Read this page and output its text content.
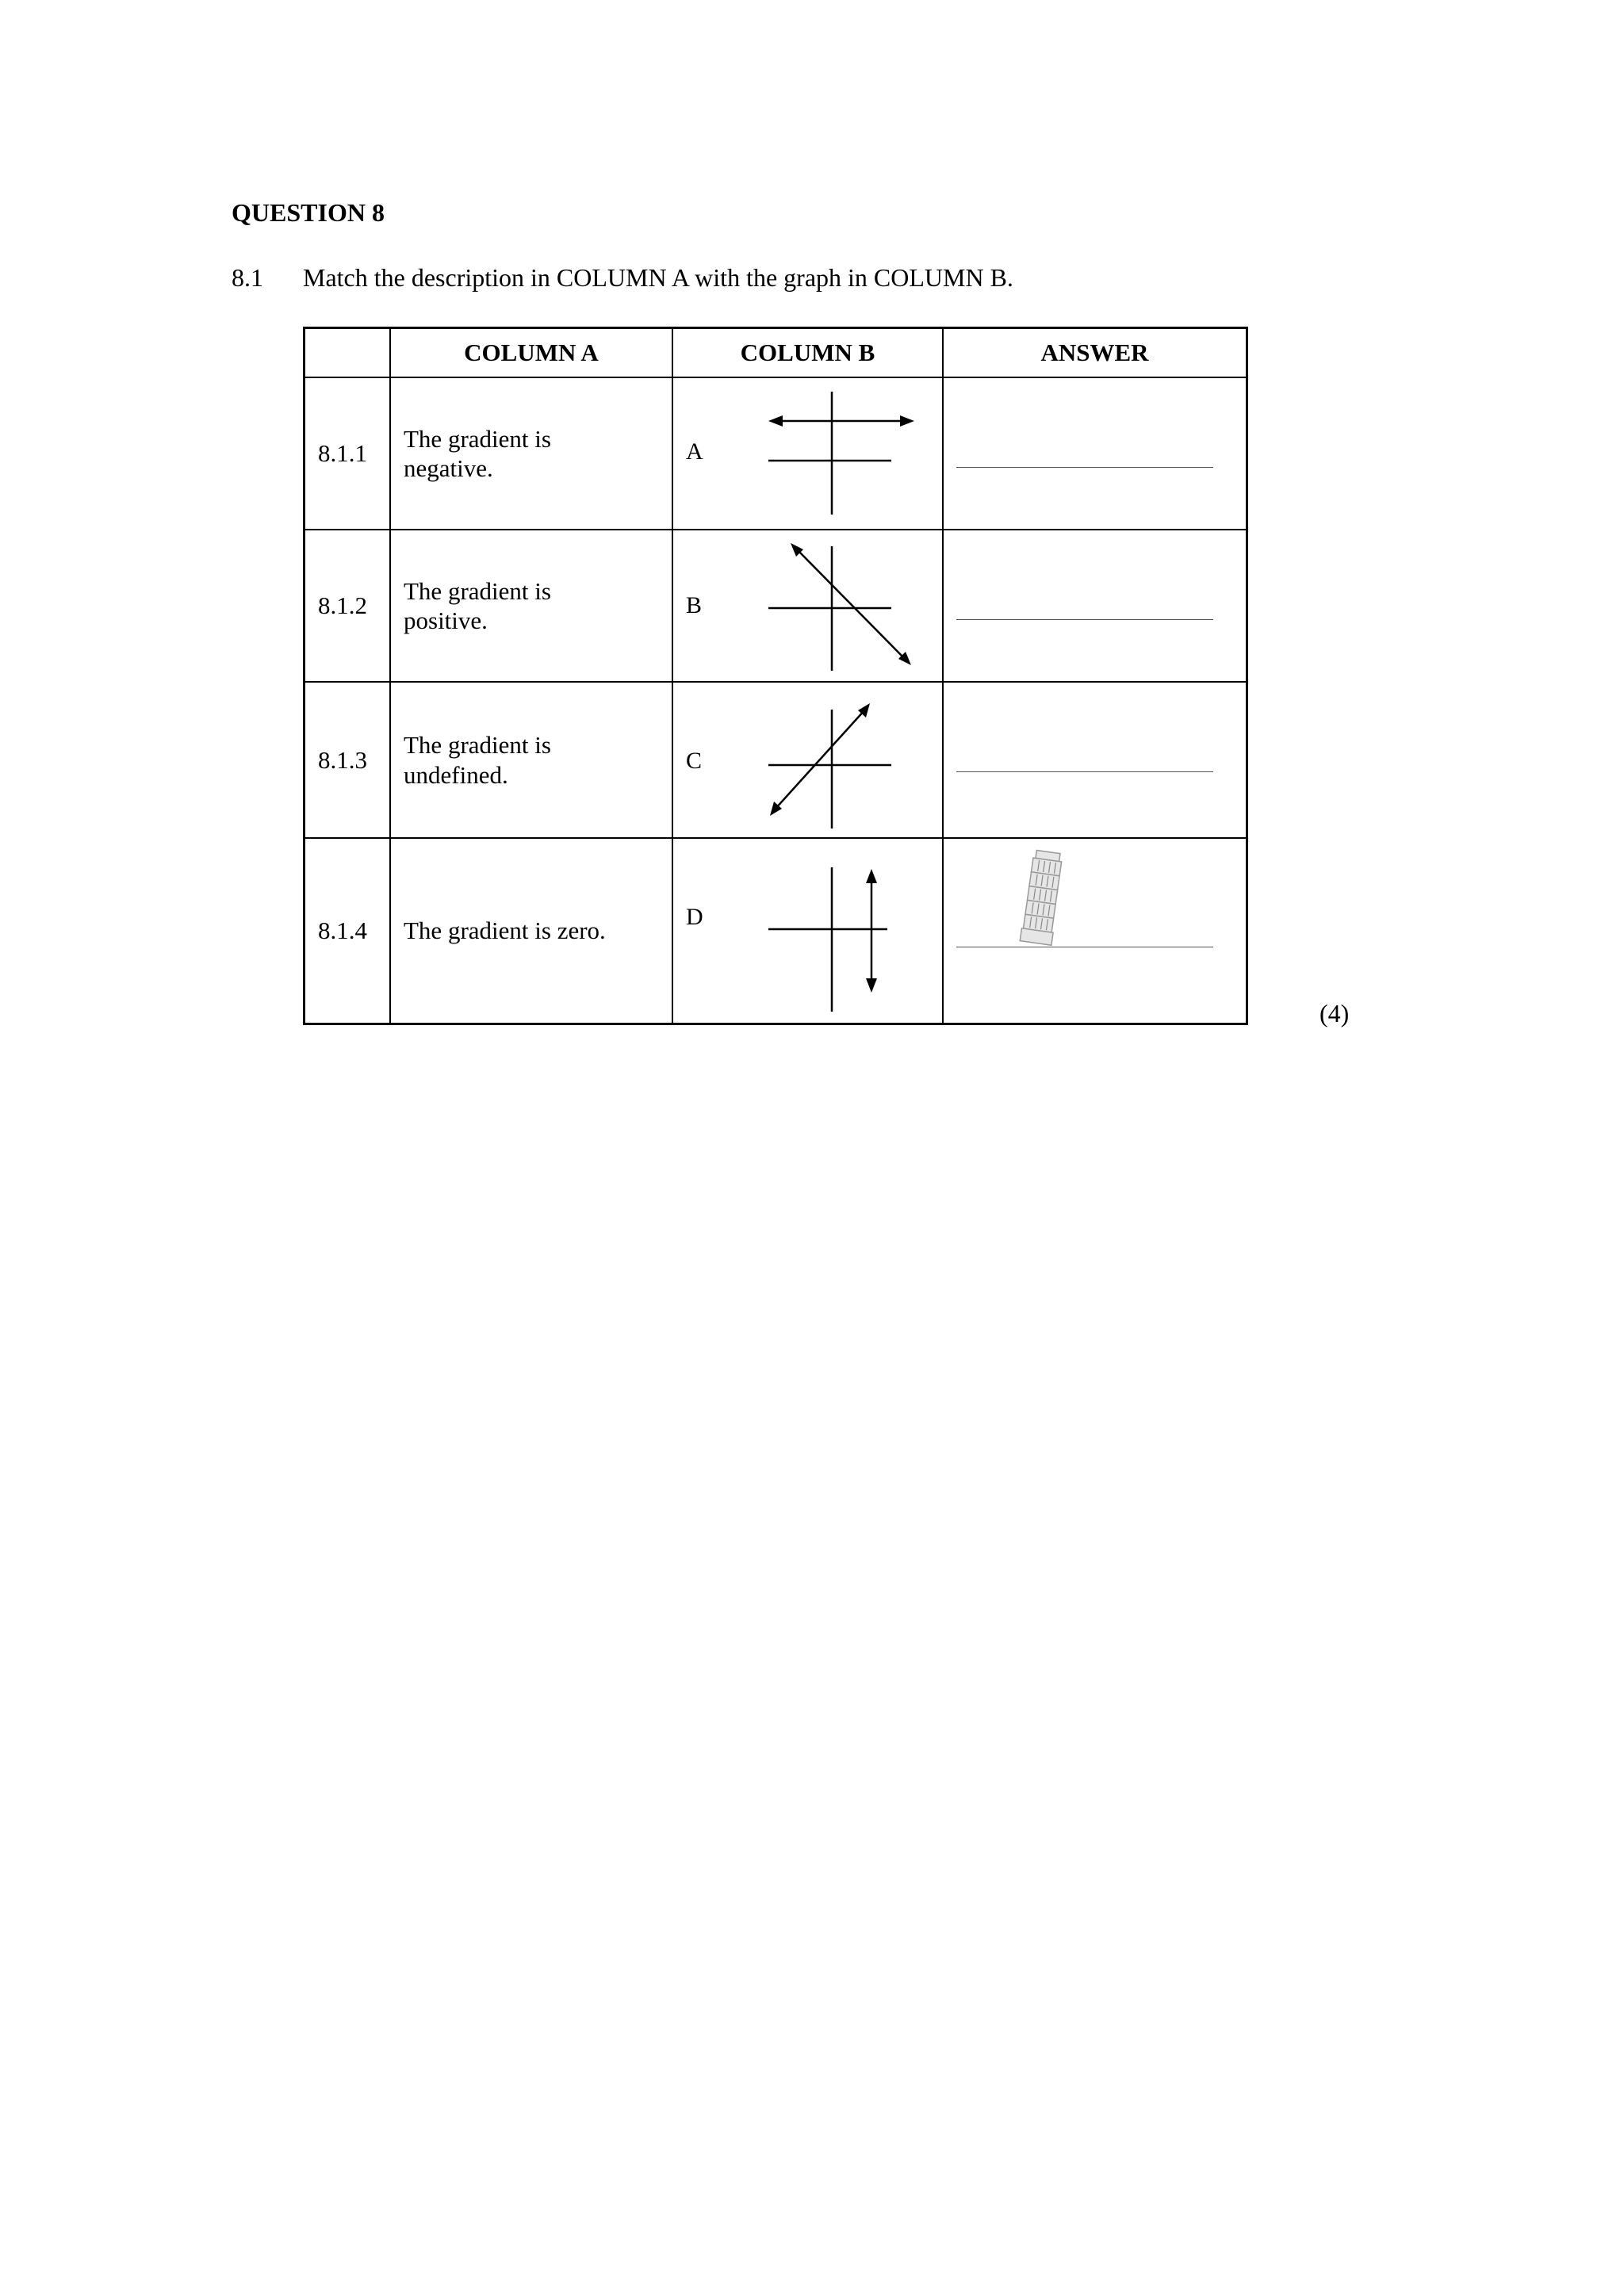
QUESTION 8
8.1 Match the description in COLUMN A with the graph in COLUMN B.
	COLUMN A	COLUMN B	ANSWER
8.1.1	The gradient is negative.	A	

8.1.2	The gradient is positive.	B	

8.1.3	The gradient is undefined.	C	

8.1.4	The gradient is zero.	D

(4)
